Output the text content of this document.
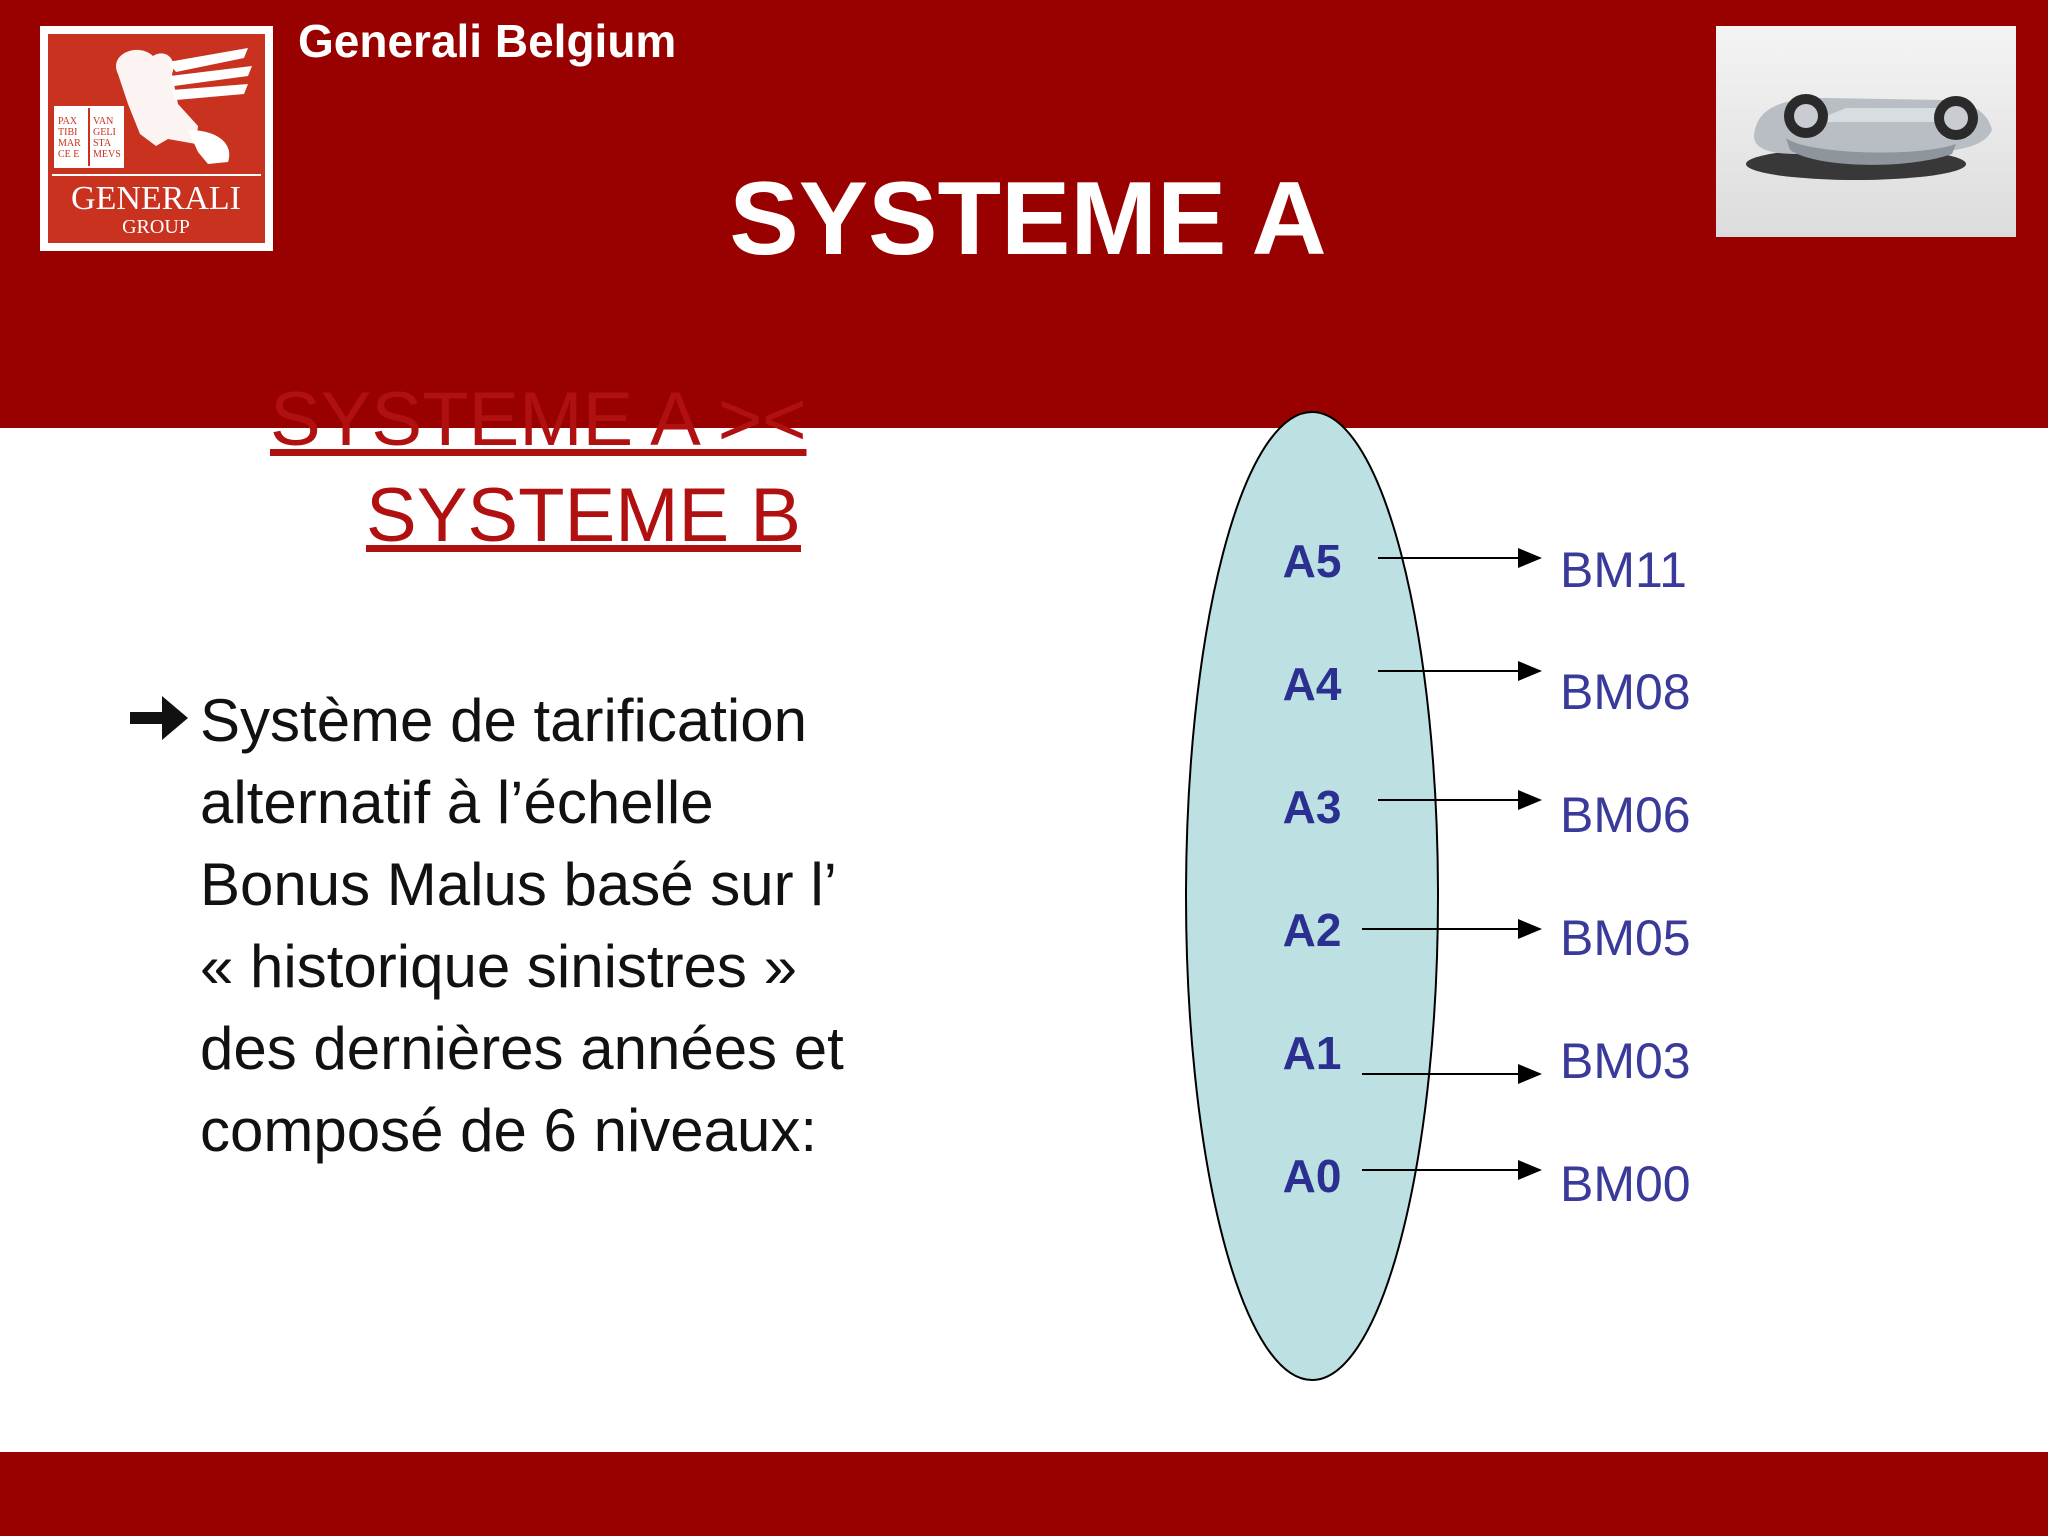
PAX
TIBI
MAR
CE E
VAN
GELI
STA
MEVS
GENERALI
GROUP
Generali Belgium
SYSTEME A
SYSTEME A ><
SYSTEME B
Système de tarification
alternatif à l’échelle
Bonus Malus basé sur l’
« historique sinistres »
des dernières années et
composé de 6 niveaux:
A5	BM11
A4	BM08
A3	BM06
A2	BM05
A1	BM03
A0	BM00
